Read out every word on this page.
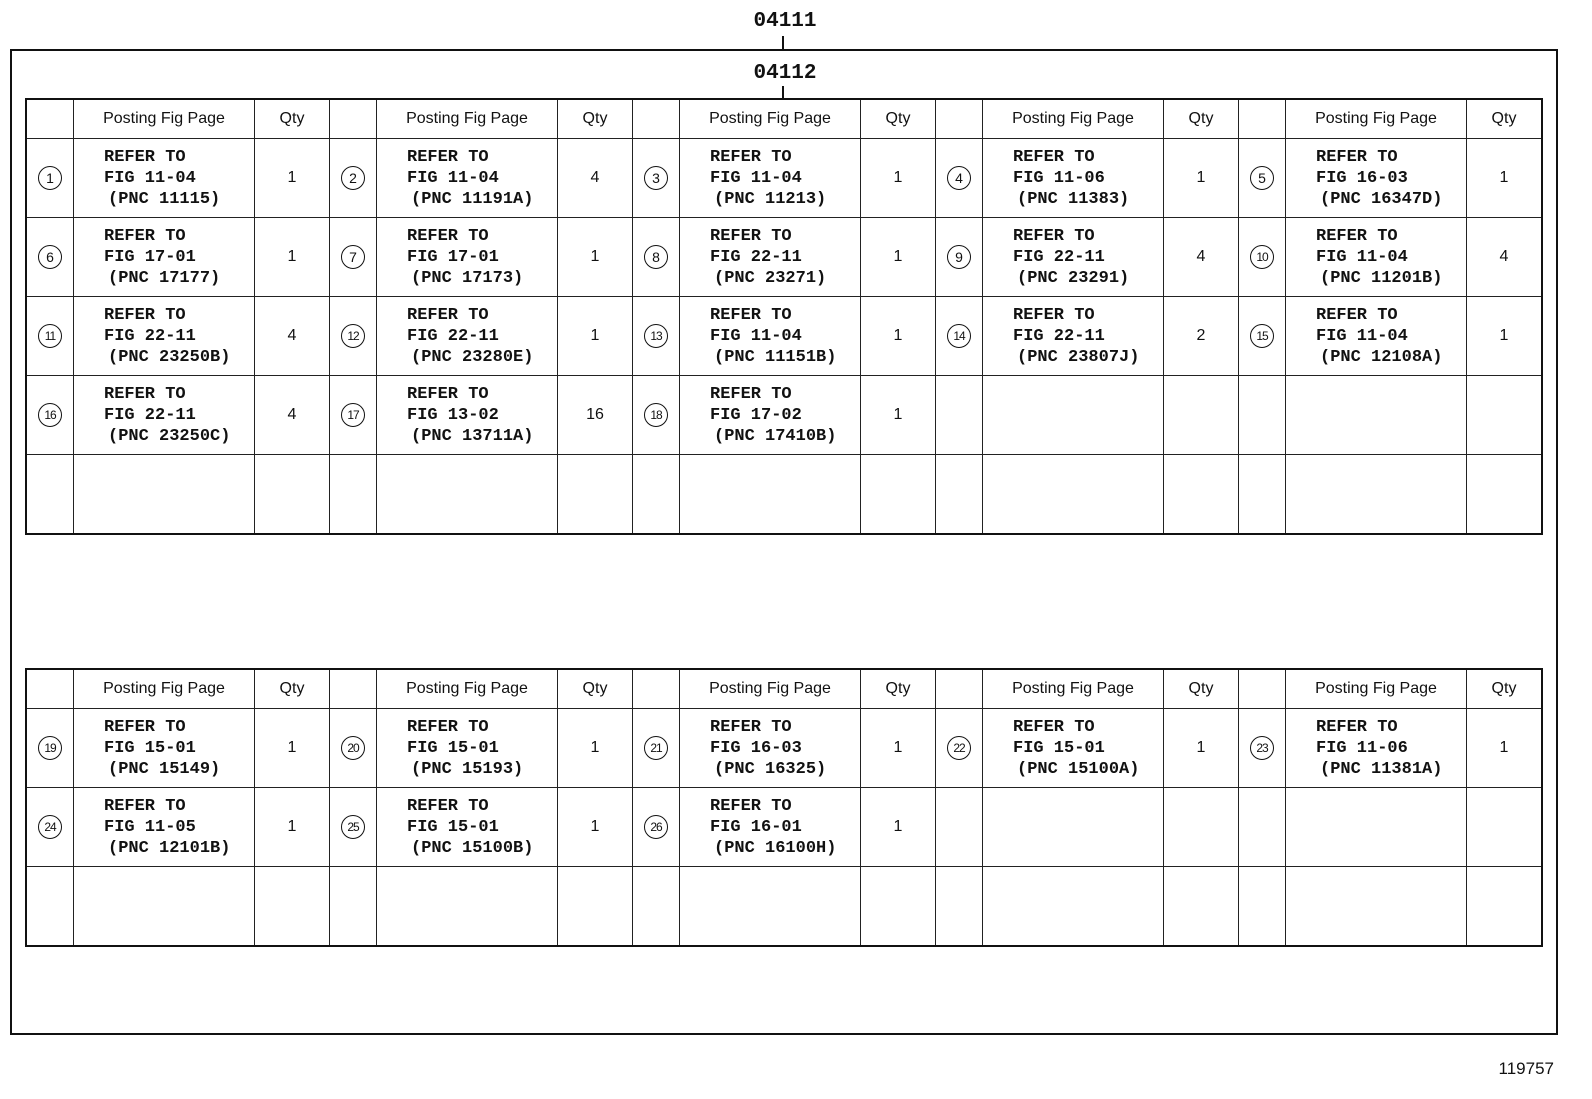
04111
04112
	Posting Fig Page	Qty		Posting Fig Page	Qty		Posting Fig Page	Qty		Posting Fig Page	Qty		Posting Fig Page	Qty
1	REFER TO
FIG 11-04
(PNC 11115)	1	2	REFER TO
FIG 11-04
(PNC 11191A)	4	3	REFER TO
FIG 11-04
(PNC 11213)	1	4	REFER TO
FIG 11-06
(PNC 11383)	1	5	REFER TO
FIG 16-03
(PNC 16347D)	1
6	REFER TO
FIG 17-01
(PNC 17177)	1	7	REFER TO
FIG 17-01
(PNC 17173)	1	8	REFER TO
FIG 22-11
(PNC 23271)	1	9	REFER TO
FIG 22-11
(PNC 23291)	4	10	REFER TO
FIG 11-04
(PNC 11201B)	4
11	REFER TO
FIG 22-11
(PNC 23250B)	4	12	REFER TO
FIG 22-11
(PNC 23280E)	1	13	REFER TO
FIG 11-04
(PNC 11151B)	1	14	REFER TO
FIG 22-11
(PNC 23807J)	2	15	REFER TO
FIG 11-04
(PNC 12108A)	1
16	REFER TO
FIG 22-11
(PNC 23250C)	4	17	REFER TO
FIG 13-02
(PNC 13711A)	16	18	REFER TO
FIG 17-02
(PNC 17410B)	1						

	Posting Fig Page	Qty		Posting Fig Page	Qty		Posting Fig Page	Qty		Posting Fig Page	Qty		Posting Fig Page	Qty
19	REFER TO
FIG 15-01
(PNC 15149)	1	20	REFER TO
FIG 15-01
(PNC 15193)	1	21	REFER TO
FIG 16-03
(PNC 16325)	1	22	REFER TO
FIG 15-01
(PNC 15100A)	1	23	REFER TO
FIG 11-06
(PNC 11381A)	1
24	REFER TO
FIG 11-05
(PNC 12101B)	1	25	REFER TO
FIG 15-01
(PNC 15100B)	1	26	REFER TO
FIG 16-01
(PNC 16100H)	1						

119757
